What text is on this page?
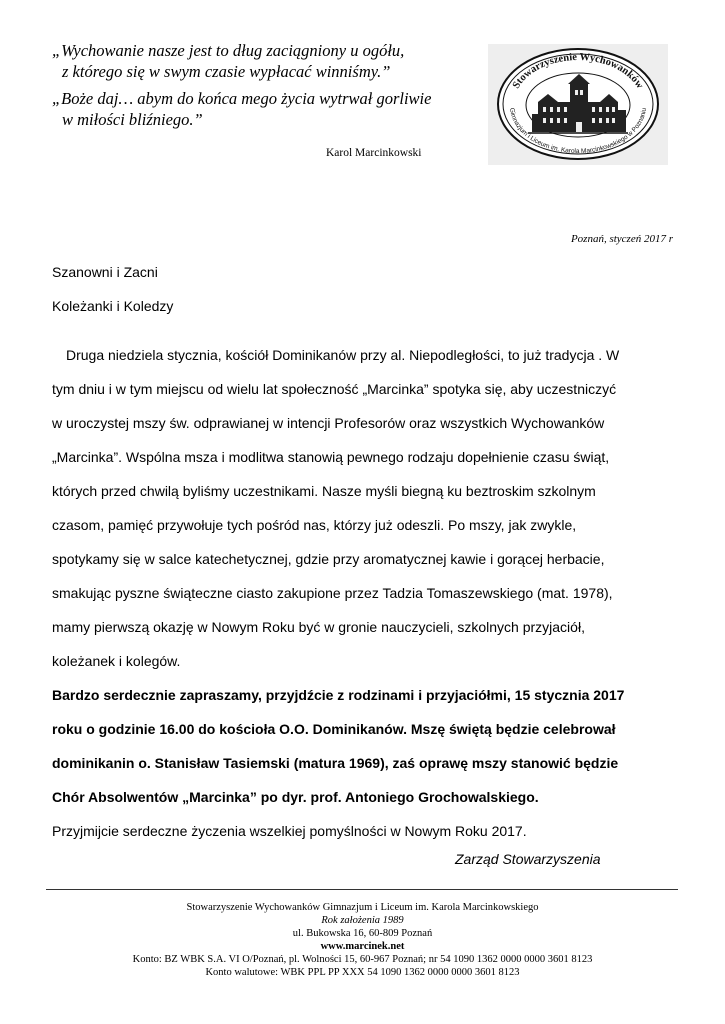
„Wychowanie nasze jest to dług zaciągniony u ogółu,
z którego się w swym czasie wypłacać winniśmy.”

„Boże daj… abym do końca mego życia wytrwał gorliwie
w miłości bliźniego.”

Karol Marcinkowski
Stowarzyszenie Wychowanków
Gimnazjum i Liceum im. Karola Marcinkowskiego w Poznaniu
Poznań, styczeń 2017 r
Szanowni i Zacni
Koleżanki i Koledzy
Druga niedziela stycznia, kościół Dominikanów przy al. Niepodległości, to już tradycja . W
tym dniu i w tym miejscu od wielu lat społeczność „Marcinka” spotyka się, aby uczestniczyć
w uroczystej mszy św. odprawianej w intencji Profesorów oraz wszystkich Wychowanków
„Marcinka”. Wspólna msza i modlitwa stanowią pewnego rodzaju dopełnienie czasu świąt,
których przed chwilą byliśmy uczestnikami. Nasze myśli biegną ku beztroskim szkolnym
czasom, pamięć przywołuje tych pośród nas, którzy już odeszli. Po mszy, jak zwykle,
spotykamy się w salce katechetycznej, gdzie przy aromatycznej kawie i gorącej herbacie,
smakując pyszne świąteczne ciasto zakupione przez Tadzia Tomaszewskiego (mat. 1978),
mamy pierwszą okazję w Nowym Roku być w gronie nauczycieli, szkolnych przyjaciół,
koleżanek i kolegów.
Bardzo serdecznie zapraszamy, przyjdźcie z rodzinami i przyjaciółmi, 15 stycznia 2017
roku o godzinie 16.00 do kościoła O.O. Dominikanów. Mszę świętą będzie celebrował
dominikanin o. Stanisław Tasiemski (matura 1969), zaś oprawę mszy stanowić będzie
Chór Absolwentów „Marcinka” po dyr. prof. Antoniego Grochowalskiego.
Przyjmijcie serdeczne życzenia wszelkiej pomyślności w Nowym Roku 2017.
Zarząd Stowarzyszenia
Stowarzyszenie Wychowanków Gimnazjum i Liceum im. Karola Marcinkowskiego
Rok założenia 1989
ul. Bukowska 16, 60-809 Poznań
www.marcinek.net
Konto: BZ WBK S.A. VI O/Poznań, pl. Wolności 15, 60-967 Poznań; nr 54 1090 1362 0000 0000 3601 8123
Konto walutowe: WBK PPL PP XXX 54 1090 1362 0000 0000 3601 8123
